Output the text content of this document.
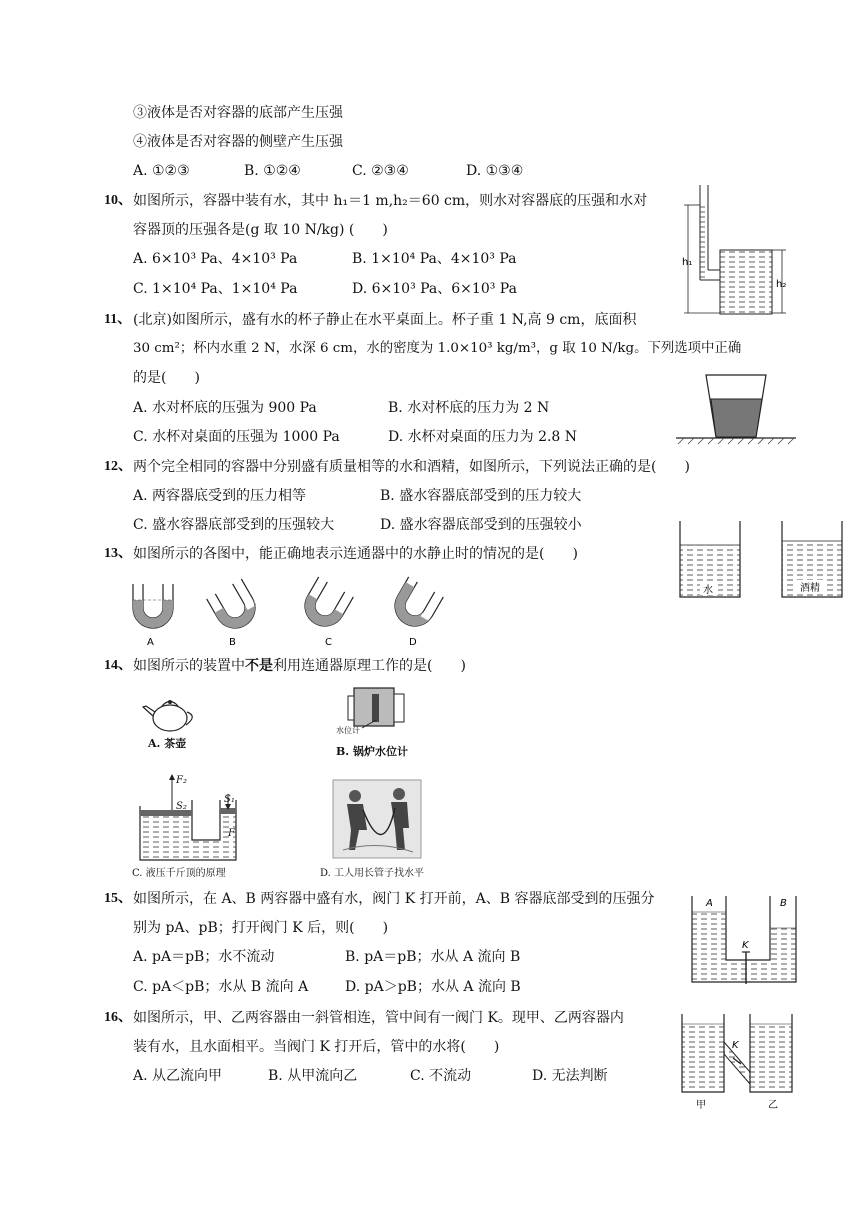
③液体是否对容器的底部产生压强
④液体是否对容器的侧壁产生压强
A. ①②③	B. ①②④	C. ②③④	D. ①③④
10、 如图所示，容器中装有水，其中 h₁＝1 m,h₂＝60 cm，则水对容器底的压强和水对
容器顶的压强各是(g 取 10 N/kg) (　　)
A. 6×10³ Pa、4×10³ Pa	B. 1×10⁴ Pa、4×10³ Pa
C. 1×10⁴ Pa、1×10⁴ Pa	D. 6×10³ Pa、6×10³ Pa
h₁
h₂
11、 (北京)如图所示，盛有水的杯子静止在水平桌面上。杯子重 1 N,高 9 cm，底面积
30 cm²；杯内水重 2 N，水深 6 cm，水的密度为 1.0×10³ kg/m³，g 取 10 N/kg。下列选项中正确
的是(　　)
A. 水对杯底的压强为 900 Pa	B. 水对杯底的压力为 2 N
C. 水杯对桌面的压强为 1000 Pa	D. 水杯对桌面的压力为 2.8 N
12、 两个完全相同的容器中分别盛有质量相等的水和酒精，如图所示，下列说法正确的是(　　)
A. 两容器底受到的压力相等	B. 盛水容器底部受到的压力较大
C. 盛水容器底部受到的压强较大	D. 盛水容器底部受到的压强较小
水	酒精
13、 如图所示的各图中，能正确地表示连通器中的水静止时的情况的是(　　)
A	B	C	D
14、 如图所示的装置中不是利用连通器原理工作的是(　　)
A. 茶壶
水位计
B. 锅炉水位计
F₂
S₂
S₁
F
C. 液压千斤顶的原理	D. 工人用长管子找水平
15、 如图所示，在 A、B 两容器中盛有水，阀门 K 打开前，A、B 容器底部受到的压强分
别为 pA、pB；打开阀门 K 后，则(　　)
A. pA＝pB；水不流动	B. pA＝pB；水从 A 流向 B
C. pA＜pB；水从 B 流向 A	D. pA＞pB；水从 A 流向 B
A	B
K
16、 如图所示，甲、乙两容器由一斜管相连，管中间有一阀门 K。现甲、乙两容器内
装有水，且水面相平。当阀门 K 打开后，管中的水将(　　)
A. 从乙流向甲	B. 从甲流向乙	C. 不流动	D. 无法判断
K
甲	乙
